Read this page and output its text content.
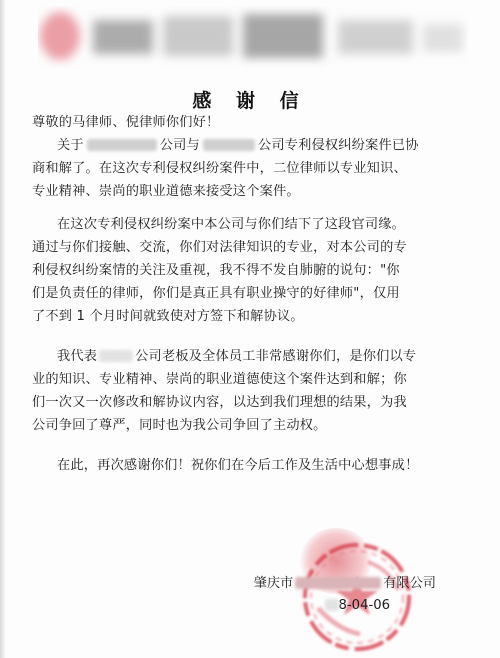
感 谢 信
尊敬的马律师、倪律师你们好！
关于	公司与	公司专利侵权纠纷案件已协
商和解了。在这次专利侵权纠纷案件中，二位律师以专业知识、
专业精神、崇尚的职业道德来接受这个案件。
在这次专利侵权纠纷案中本公司与你们结下了这段官司缘。
通过与你们接触、交流，你们对法律知识的专业，对本公司的专
利侵权纠纷案情的关注及重视，我不得不发自肺腑的说句："你
们是负责任的律师，你们是真正具有职业操守的好律师"，仅用
了不到 1 个月时间就致使对方签下和解协议。
我代表	公司老板及全体员工非常感谢你们，是你们以专
业的知识、专业精神、崇尚的职业道德使这个案件达到和解；你
们一次又一次修改和解协议内容，以达到我们理想的结果，为我
公司争回了尊严，同时也为我公司争回了主动权。
在此，再次感谢你们！祝你们在今后工作及生活中心想事成！
肇庆市	有限公司
8-04-06
